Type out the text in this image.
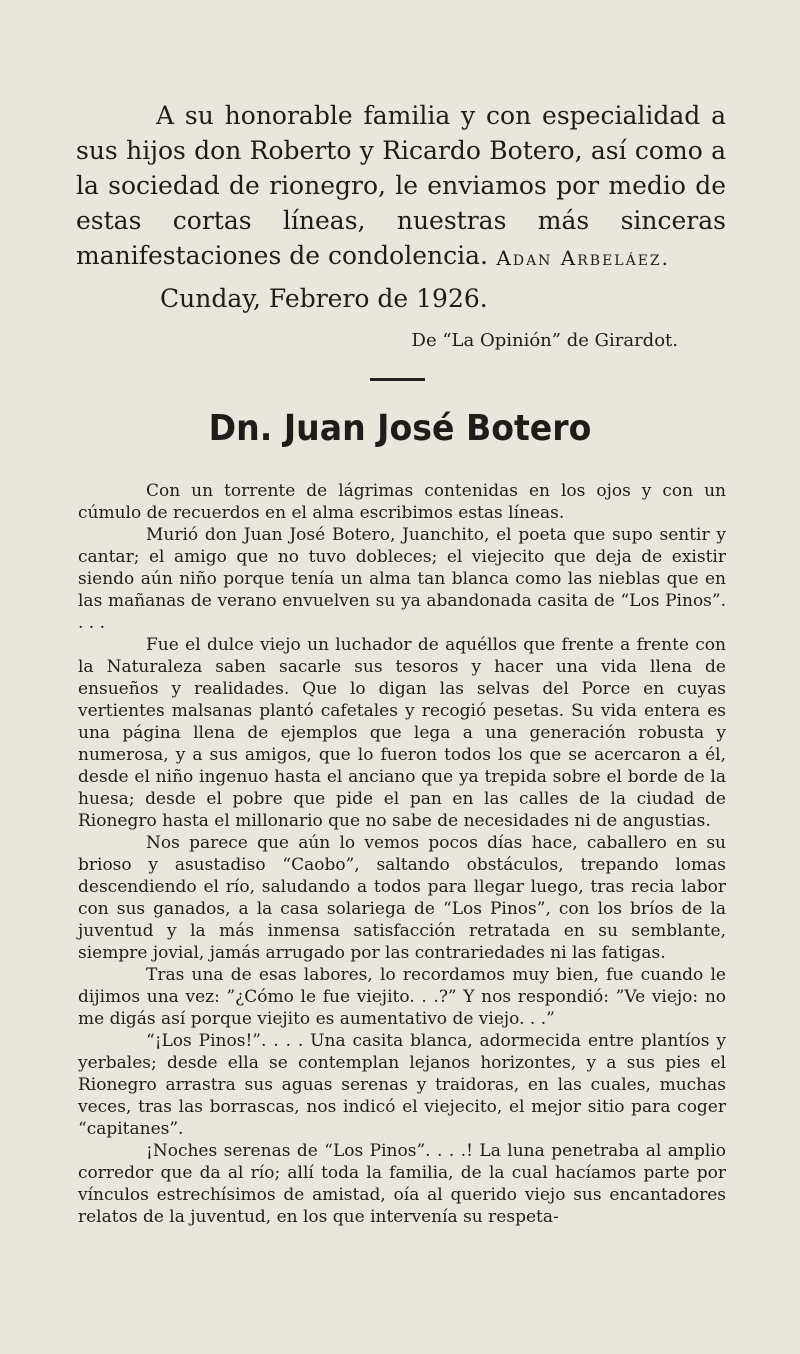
A su honorable familia y con especialidad a sus hijos don Roberto y Ricardo Botero, así como a la sociedad de rionegro, le enviamos por medio de estas cortas líneas, nuestras más sinceras manifestaciones de condolencia. Adan Arbeláez.
Cunday, Febrero de 1926.
De “La Opinión” de Girardot.
Dn. Juan José Botero

Con un torrente de lágrimas contenidas en los ojos y con un cúmulo de recuerdos en el alma escribimos estas líneas.

Murió don Juan José Botero, Juanchito, el poeta que supo sentir y cantar; el amigo que no tuvo dobleces; el viejecito que deja de existir siendo aún niño porque tenía un alma tan blanca como las nieblas que en las mañanas de verano envuelven su ya abandonada casita de “Los Pinos”. . . .

Fue el dulce viejo un luchador de aquéllos que frente a frente con la Naturaleza saben sacarle sus tesoros y hacer una vida llena de ensueños y realidades. Que lo digan las selvas del Porce en cuyas vertientes malsanas plantó cafetales y recogió pesetas. Su vida entera es una página llena de ejemplos que lega a una generación robusta y numerosa, y a sus amigos, que lo fueron todos los que se acercaron a él, desde el niño ingenuo hasta el anciano que ya trepida sobre el borde de la huesa; desde el pobre que pide el pan en las calles de la ciudad de Rionegro hasta el millonario que no sabe de necesidades ni de angustias.

Nos parece que aún lo vemos pocos días hace, caballero en su brioso y asustadiso “Caobo”, saltando obstáculos, trepando lomas descendiendo el río, saludando a todos para llegar luego, tras recia labor con sus ganados, a la casa solariega de “Los Pinos”, con los bríos de la juventud y la más inmensa satisfacción retratada en su semblante, siempre jovial, jamás arrugado por las contrariedades ni las fatigas.

Tras una de esas labores, lo recordamos muy bien, fue cuando le dijimos una vez: ”¿Cómo le fue viejito. . .?” Y nos respondió: ”Ve viejo: no me digás así porque viejito es aumentativo de viejo. . .”

“¡Los Pinos!”. . . . Una casita blanca, adormecida entre plantíos y yerbales; desde ella se contemplan lejanos horizontes, y a sus pies el Rionegro arrastra sus aguas serenas y traidoras, en las cuales, muchas veces, tras las borrascas, nos indicó el viejecito, el mejor sitio para coger “capitanes”.

¡Noches serenas de “Los Pinos”. . . .! La luna penetraba al amplio corredor que da al río; allí toda la familia, de la cual hacíamos parte por vínculos estrechísimos de amistad, oía al querido viejo sus encantadores relatos de la juventud, en los que intervenía su respeta-
